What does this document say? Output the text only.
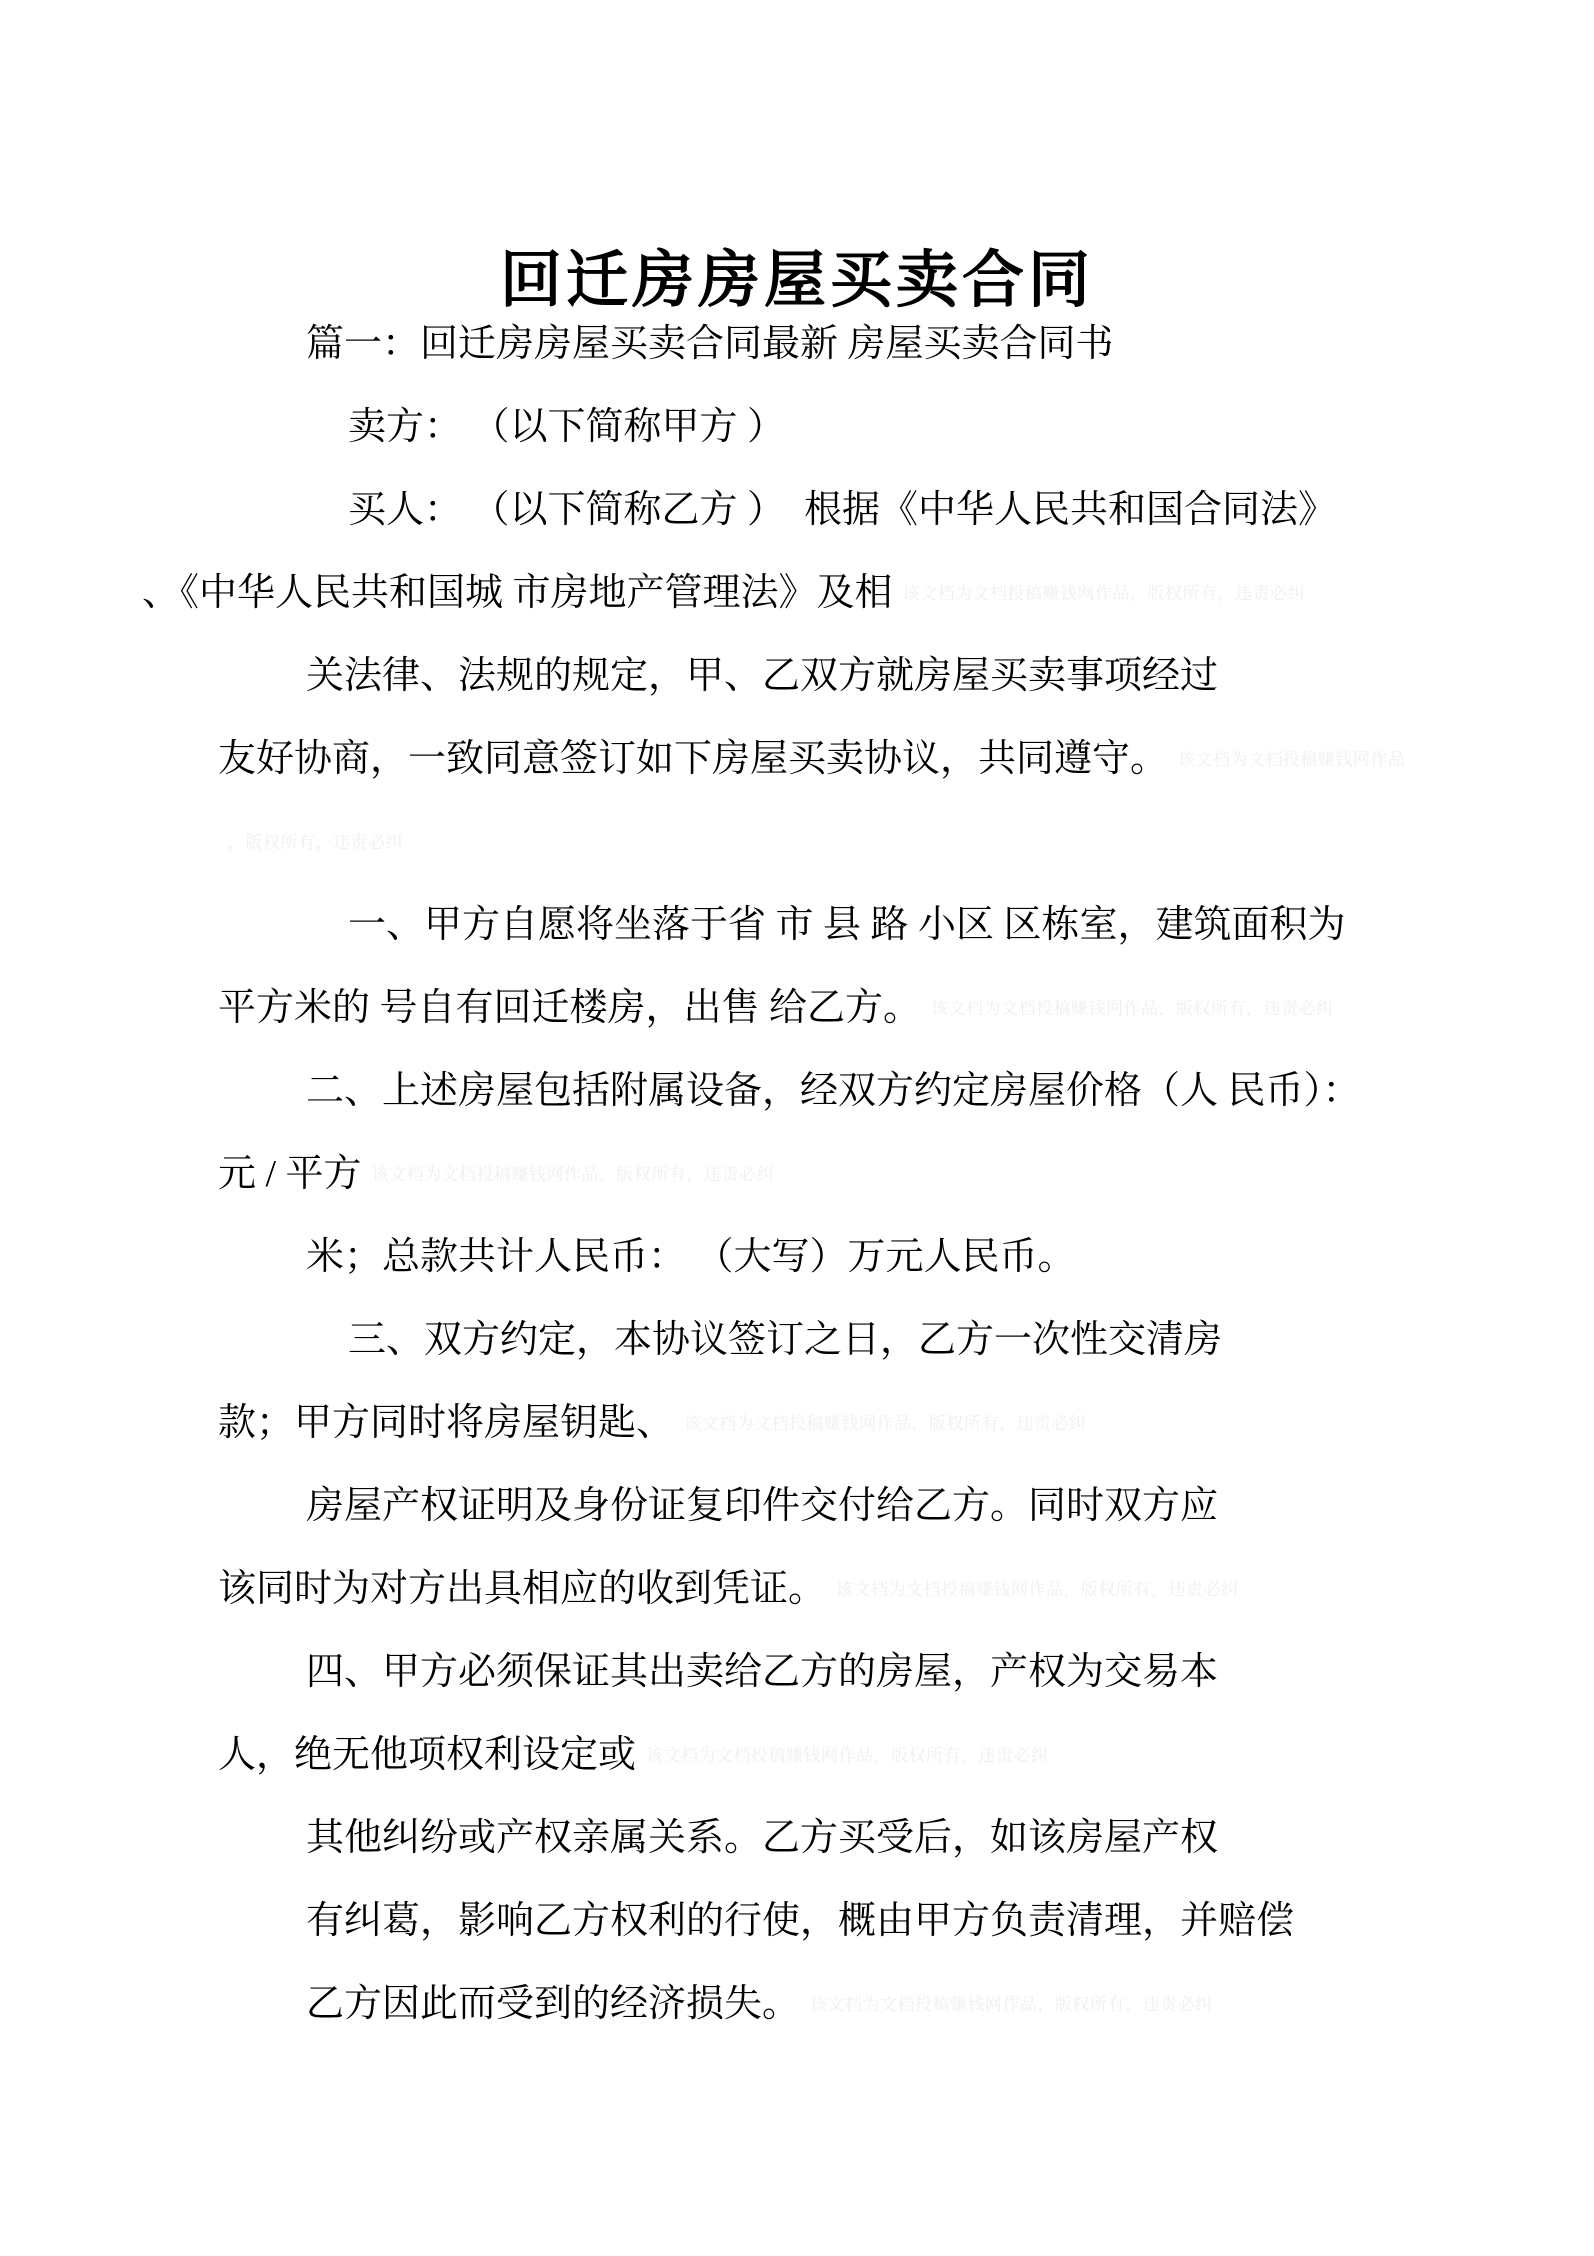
回迁房房屋买卖合同
篇一：回迁房房屋买卖合同最新 房屋买卖合同书
卖方： （以下简称甲方 ）
买人： （以下简称乙方 ）  根据《中华人民共和国合同法》
、《中华人民共和国城 市房地产管理法》及相 该文档为文档投稿赚钱网作品，版权所有，违责必纠
关法律、法规的规定，甲、乙双方就房屋买卖事项经过
友好协商，一致同意签订如下房屋买卖协议，共同遵守。 该文档为文档投稿赚钱网作品
，版权所有，违责必纠
一、甲方自愿将坐落于省 市 县 路 小区 区栋室，建筑面积为
平方米的 号自有回迁楼房，出售 给乙方。 该文档为文档投稿赚钱网作品，版权所有，违责必纠
二、上述房屋包括附属设备，经双方约定房屋价格（人 民币）：
元 / 平方 该文档为文档投稿赚钱网作品，版权所有，违责必纠
米；总款共计人民币： （大写）万元人民币。
三、双方约定，本协议签订之日，乙方一次性交清房
款；甲方同时将房屋钥匙、 该文档为文档投稿赚钱网作品，版权所有，违责必纠
房屋产权证明及身份证复印件交付给乙方。同时双方应
该同时为对方出具相应的收到凭证。 该文档为文档投稿赚钱网作品，版权所有，违责必纠
四、甲方必须保证其出卖给乙方的房屋，产权为交易本
人，绝无他项权利设定或 该文档为文档投稿赚钱网作品，版权所有，违责必纠
其他纠纷或产权亲属关系。乙方买受后，如该房屋产权
有纠葛，影响乙方权利的行使，概由甲方负责清理，并赔偿
乙方因此而受到的经济损失。 该文档为文档投稿赚钱网作品，版权所有，违责必纠
